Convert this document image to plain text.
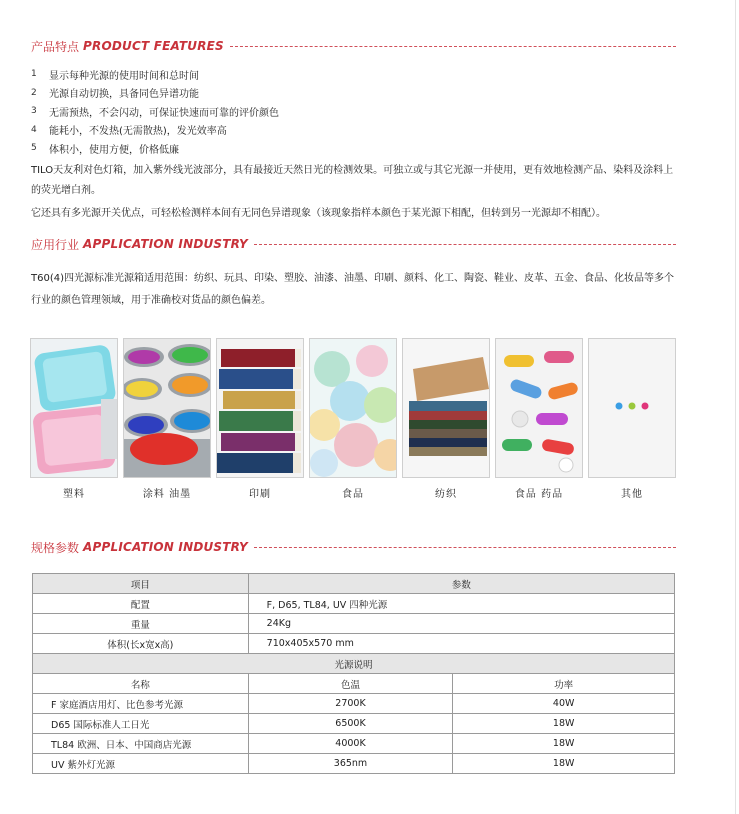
产品特点 PRODUCT FEATURES
1	显示每种光源的使用时间和总时间
2	光源自动切换，具备同色异谱功能
3	无需预热，不会闪动，可保证快速而可靠的评价颜色
4	能耗小，不发热(无需散热)，发光效率高
5	体积小，使用方便，价格低廉
TILO天友利对色灯箱，加入紫外线光波部分，具有最接近天然日光的检测效果。可独立或与其它光源一并使用，更有效地检测产品、染料及涂料上的荧光增白剂。
它还具有多光源开关优点，可轻松检测样本间有无同色异谱现象（该现象指样本颜色于某光源下相配，但转到另一光源却不相配）。
应用行业 APPLICATION INDUSTRY
T60(4)四光源标准光源箱适用范围：纺织、玩具、印染、塑胶、油漆、油墨、印刷、颜料、化工、陶瓷、鞋业、皮革、五金、食品、化妆品等多个行业的颜色管理领域，用于准确校对货品的颜色偏差。
塑料	涂料 油墨	印刷	食品	纺织	食品 药品	其他
规格参数 APPLICATION INDUSTRY
项目	参数	
配置	F, D65, TL84, UV 四种光源	
重量	24Kg	
体积(长x宽x高)	710x405x570 mm	
光源说明		
名称	色温	功率
F 家庭酒店用灯、比色参考光源	2700K	40W
D65 国际标准人工日光	6500K	18W
TL84 欧洲、日本、中国商店光源	4000K	18W
UV 紫外灯光源	365nm	18W
